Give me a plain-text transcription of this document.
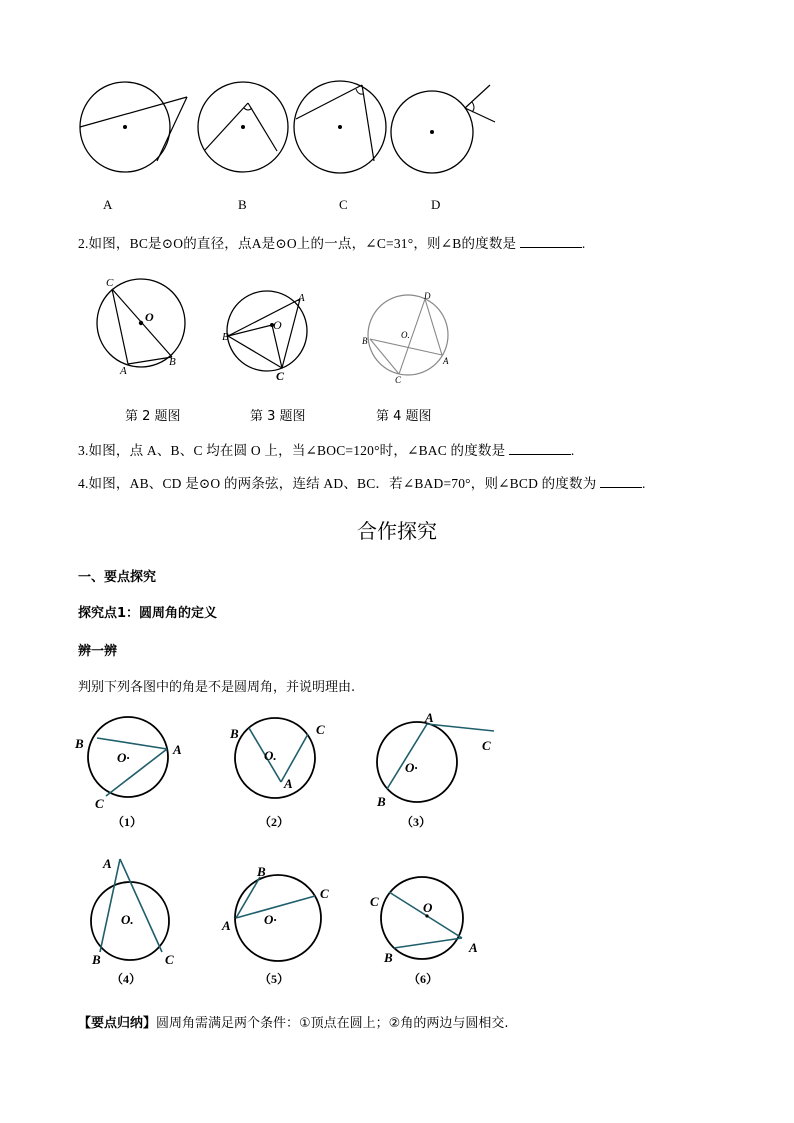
A	B	C	D
2.如图，BC是⊙O的直径，点A是⊙O上的一点，∠C=31°，则∠B的度数是	.
C
O
A
B
A
O
B
C
D
O.
B
A
C
第 2 题图	第 3 题图	第 4 题图
3.如图，点 A、B、C 均在圆 O 上，当∠BOC=120°时，∠BAC 的度数是	.
4.如图，AB、CD 是⊙O 的两条弦，连结 AD、BC．若∠BAD=70°，则∠BCD 的度数为	.
合作探究
一、要点探究
探究点1：圆周角的定义
辨一辨
判别下列各图中的角是不是圆周角，并说明理由.
B	A
O·
C
（1）
B	C
O.
A
（2）
A
C
O·
B
（3）
A
O.
B	C
（4）
B
C
A	O·
（5）
C	O
B
A
（6）
【要点归纳】圆周角需满足两个条件：①顶点在圆上；②角的两边与圆相交.
